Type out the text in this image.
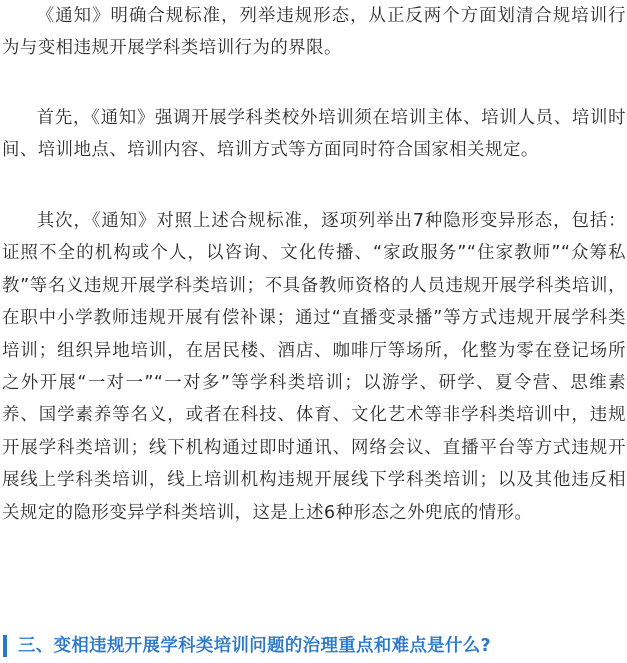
《通知》明确合规标准，列举违规形态，从正反两个方面划清合规培训行为与变相违规开展学科类培训行为的界限。

首先，《通知》强调开展学科类校外培训须在培训主体、培训人员、培训时间、培训地点、培训内容、培训方式等方面同时符合国家相关规定。

其次，《通知》对照上述合规标准，逐项列举出7种隐形变异形态，包括：证照不全的机构或个人，以咨询、文化传播、“家政服务”“住家教师”“众筹私教”等名义违规开展学科类培训；不具备教师资格的人员违规开展学科类培训，在职中小学教师违规开展有偿补课；通过“直播变录播”等方式违规开展学科类培训；组织异地培训，在居民楼、酒店、咖啡厅等场所，化整为零在登记场所之外开展“一对一”“一对多”等学科类培训；以游学、研学、夏令营、思维素养、国学素养等名义，或者在科技、体育、文化艺术等非学科类培训中，违规开展学科类培训；线下机构通过即时通讯、网络会议、直播平台等方式违规开展线上学科类培训，线上培训机构违规开展线下学科类培训；以及其他违反相关规定的隐形变异学科类培训，这是上述6种形态之外兜底的情形。

三、变相违规开展学科类培训问题的治理重点和难点是什么?
